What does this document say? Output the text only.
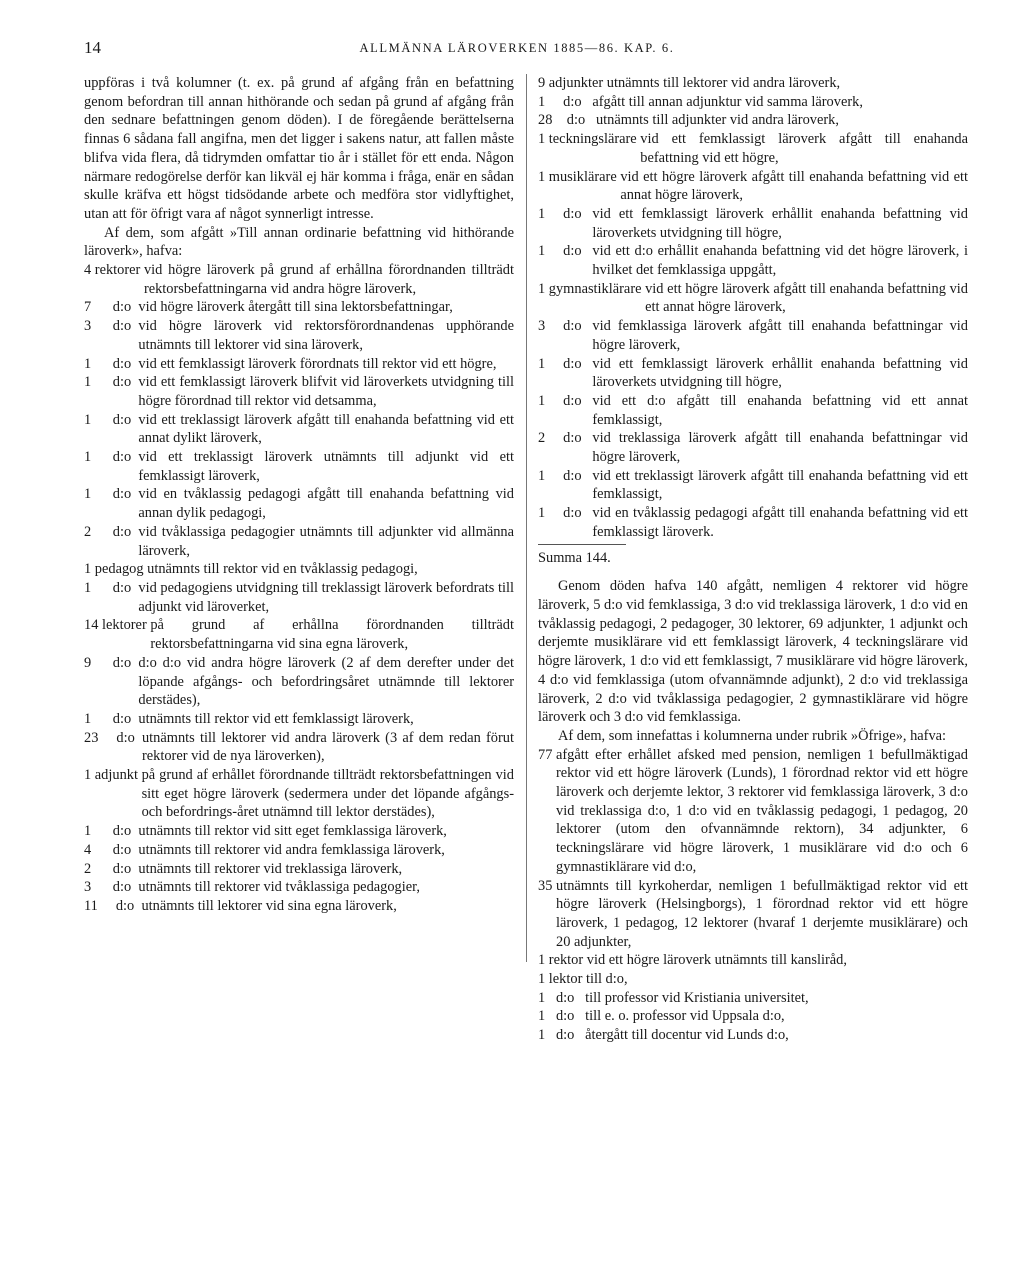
14	ALLMÄNNA LÄROVERKEN 1885—86. KAP. 6.

uppföras i två kolumner (t. ex. på grund af afgång från en befattning genom befordran till annan hithörande och sedan på grund af afgång från den sednare befattningen genom döden). I de föregående berättelserna finnas 6 sådana fall angifna, men det ligger i sakens natur, att fallen måste blifva vida flera, då tidrymden omfattar tio år i stället för ett enda. Någon närmare redogörelse derför kan likväl ej här komma i fråga, enär en sådan skulle kräfva ett högst tidsödande arbete och medföra stor vidlyftighet, utan att för öfrigt vara af något synnerligt intresse.

Af dem, som afgått »Till annan ordinarie befattning vid hithörande läroverk», hafva:

4 rektorer vid högre läroverk på grund af erhållna förordnanden tillträdt rektorsbefattningarna vid andra högre läroverk,
7      d:o vid högre läroverk återgått till sina lektorsbefattningar,
3      d:o vid högre läroverk vid rektorsförordnandenas upphörande utnämnts till lektorer vid sina läroverk,
1      d:o vid ett femklassigt läroverk förordnats till rektor vid ett högre,
1      d:o vid ett femklassigt läroverk blifvit vid läroverkets utvidgning till högre förordnad till rektor vid detsamma,
1      d:o vid ett treklassigt läroverk afgått till enahanda befattning vid ett annat dylikt läroverk,
1      d:o vid ett treklassigt läroverk utnämnts till adjunkt vid ett femklassigt läroverk,
1      d:o vid en tvåklassig pedagogi afgått till enahanda befattning vid annan dylik pedagogi,
2      d:o vid tvåklassiga pedagogier utnämnts till adjunkter vid allmänna läroverk,
1 pedagog utnämnts till rektor vid en tvåklassig pedagogi,
1      d:o vid pedagogiens utvidgning till treklassigt läroverk befordrats till adjunkt vid läroverket,
14 lektorer på grund af erhållna förordnanden tillträdt rektorsbefattningarna vid sina egna läroverk,
9      d:o d:o d:o vid andra högre läroverk (2 af dem derefter under det löpande afgångs- och befordringsåret utnämnde till lektorer derstädes),
1      d:o utnämnts till rektor vid ett femklassigt läroverk,
23     d:o utnämnts till lektorer vid andra läroverk (3 af dem redan förut rektorer vid de nya läroverken),
1 adjunkt på grund af erhållet förordnande tillträdt rektorsbefattningen vid sitt eget högre läroverk (sedermera under det löpande afgångs- och befordrings-året utnämnd till lektor derstädes),
1      d:o utnämnts till rektor vid sitt eget femklassiga läroverk,
4      d:o utnämnts till rektorer vid andra femklassiga läroverk,
2      d:o utnämnts till rektorer vid treklassiga läroverk,
3      d:o utnämnts till rektorer vid tvåklassiga pedagogier,
11     d:o utnämnts till lektorer vid sina egna läroverk,
9 adjunkter utnämnts till lektorer vid andra läroverk,
1     d:o afgått till annan adjunktur vid samma läroverk,
28    d:o utnämnts till adjunkter vid andra läroverk,
1 teckningslärare vid ett femklassigt läroverk afgått till enahanda befattning vid ett högre,
1 musiklärare vid ett högre läroverk afgått till enahanda befattning vid ett annat högre läroverk,
1     d:o vid ett femklassigt läroverk erhållit enahanda befattning vid läroverkets utvidgning till högre,
1     d:o vid ett d:o erhållit enahanda befattning vid det högre läroverk, i hvilket det femklassiga uppgått,
1 gymnastiklärare vid ett högre läroverk afgått till enahanda befattning vid ett annat högre läroverk,
3     d:o vid femklassiga läroverk afgått till enahanda befattningar vid högre läroverk,
1     d:o vid ett femklassigt läroverk erhållit enahanda befattning vid läroverkets utvidgning till högre,
1     d:o vid ett d:o afgått till enahanda befattning vid ett annat femklassigt,
2     d:o vid treklassiga läroverk afgått till enahanda befattningar vid högre läroverk,
1     d:o vid ett treklassigt läroverk afgått till enahanda befattning vid ett femklassigt,
1     d:o vid en tvåklassig pedagogi afgått till enahanda befattning vid ett femklassigt läroverk.

Summa 144.

Genom döden hafva 140 afgått, nemligen 4 rektorer vid högre läroverk, 5 d:o vid femklassiga, 3 d:o vid treklassiga läroverk, 1 d:o vid en tvåklassig pedagogi, 2 pedagoger, 30 lektorer, 69 adjunkter, 1 adjunkt och derjemte musiklärare vid ett femklassigt läroverk, 4 teckningslärare vid högre läroverk, 1 d:o vid ett femklassigt, 7 musiklärare vid högre läroverk, 4 d:o vid femklassiga (utom ofvannämnde adjunkt), 2 d:o vid treklassiga läroverk, 2 d:o vid tvåklassiga pedagogier, 2 gymnastiklärare vid högre läroverk och 3 d:o vid femklassiga.

Af dem, som innefattas i kolumnerna under rubrik »Öfrige», hafva:

77 afgått efter erhållet afsked med pension, nemligen 1 befullmäktigad rektor vid ett högre läroverk (Lunds), 1 förordnad rektor vid ett högre läroverk och derjemte lektor, 3 rektorer vid femklassiga läroverk, 3 d:o vid treklassiga d:o, 1 d:o vid en tvåklassig pedagogi, 1 pedagog, 20 lektorer (utom den ofvannämnde rektorn), 34 adjunkter, 6 teckningslärare vid högre läroverk, 1 musiklärare vid d:o och 6 gymnastiklärare vid d:o,
35 utnämnts till kyrkoherdar, nemligen 1 befullmäktigad rektor vid ett högre läroverk (Helsingborgs), 1 förordnad rektor vid ett högre läroverk, 1 pedagog, 12 lektorer (hvaraf 1 derjemte musiklärare) och 20 adjunkter,
1 rektor vid ett högre läroverk utnämnts till kansliråd,
1 lektor till d:o,
1   d:o till professor vid Kristiania universitet,
1   d:o till e. o. professor vid Uppsala d:o,
1   d:o återgått till docentur vid Lunds d:o,
